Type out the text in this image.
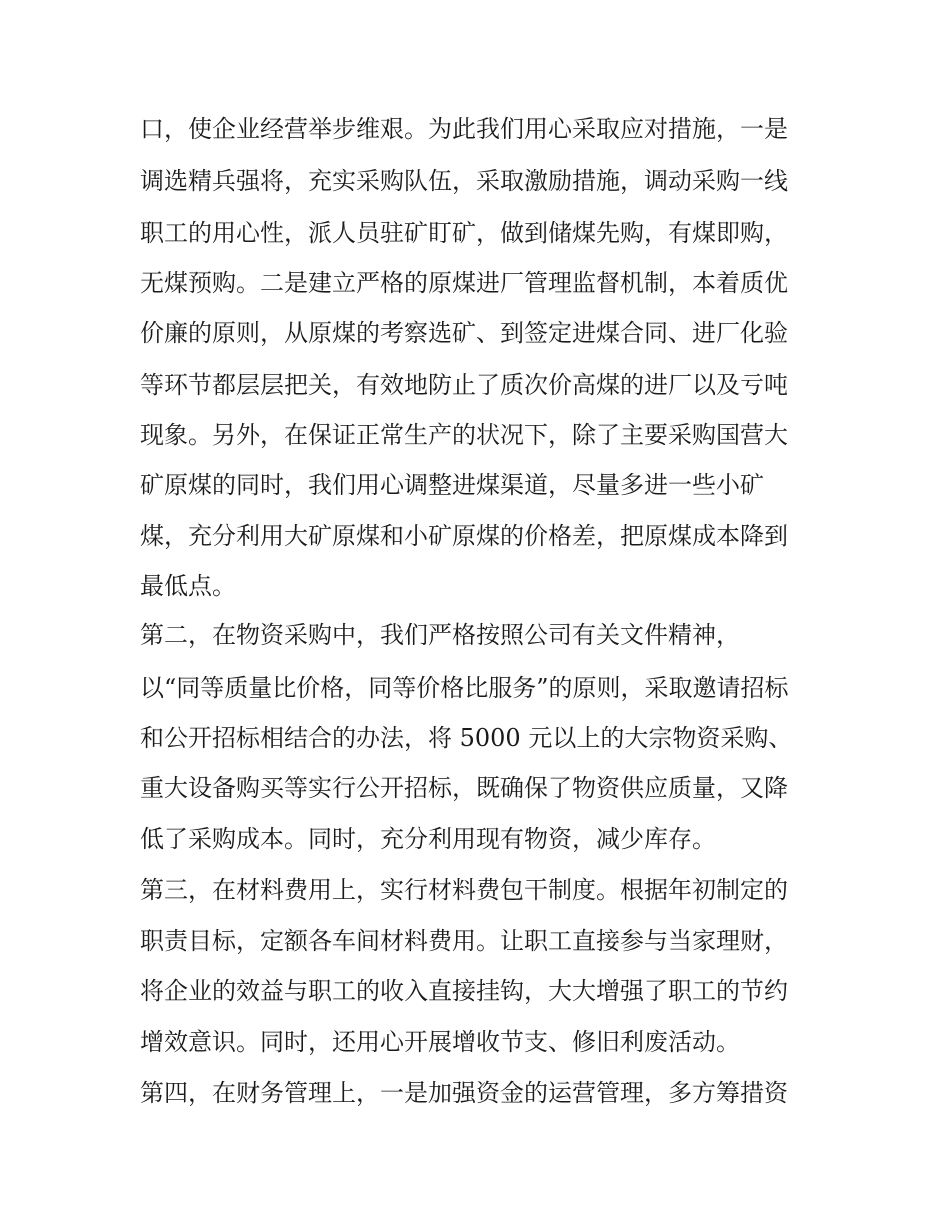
口，使企业经营举步维艰。为此我们用心采取应对措施，一是
调选精兵强将，充实采购队伍，采取激励措施，调动采购一线
职工的用心性，派人员驻矿盯矿，做到储煤先购，有煤即购，
无煤预购。二是建立严格的原煤进厂管理监督机制，本着质优
价廉的原则，从原煤的考察选矿、到签定进煤合同、进厂化验
等环节都层层把关，有效地防止了质次价高煤的进厂以及亏吨
现象。另外，在保证正常生产的状况下，除了主要采购国营大
矿原煤的同时，我们用心调整进煤渠道，尽量多进一些小矿
煤，充分利用大矿原煤和小矿原煤的价格差，把原煤成本降到
最低点。
第二，在物资采购中，我们严格按照公司有关文件精神，
以“同等质量比价格，同等价格比服务”的原则，采取邀请招标
和公开招标相结合的办法，将 5000 元以上的大宗物资采购、
重大设备购买等实行公开招标，既确保了物资供应质量，又降
低了采购成本。同时，充分利用现有物资，减少库存。
第三，在材料费用上，实行材料费包干制度。根据年初制定的
职责目标，定额各车间材料费用。让职工直接参与当家理财，
将企业的效益与职工的收入直接挂钩，大大增强了职工的节约
增效意识。同时，还用心开展增收节支、修旧利废活动。
第四，在财务管理上，一是加强资金的运营管理，多方筹措资
